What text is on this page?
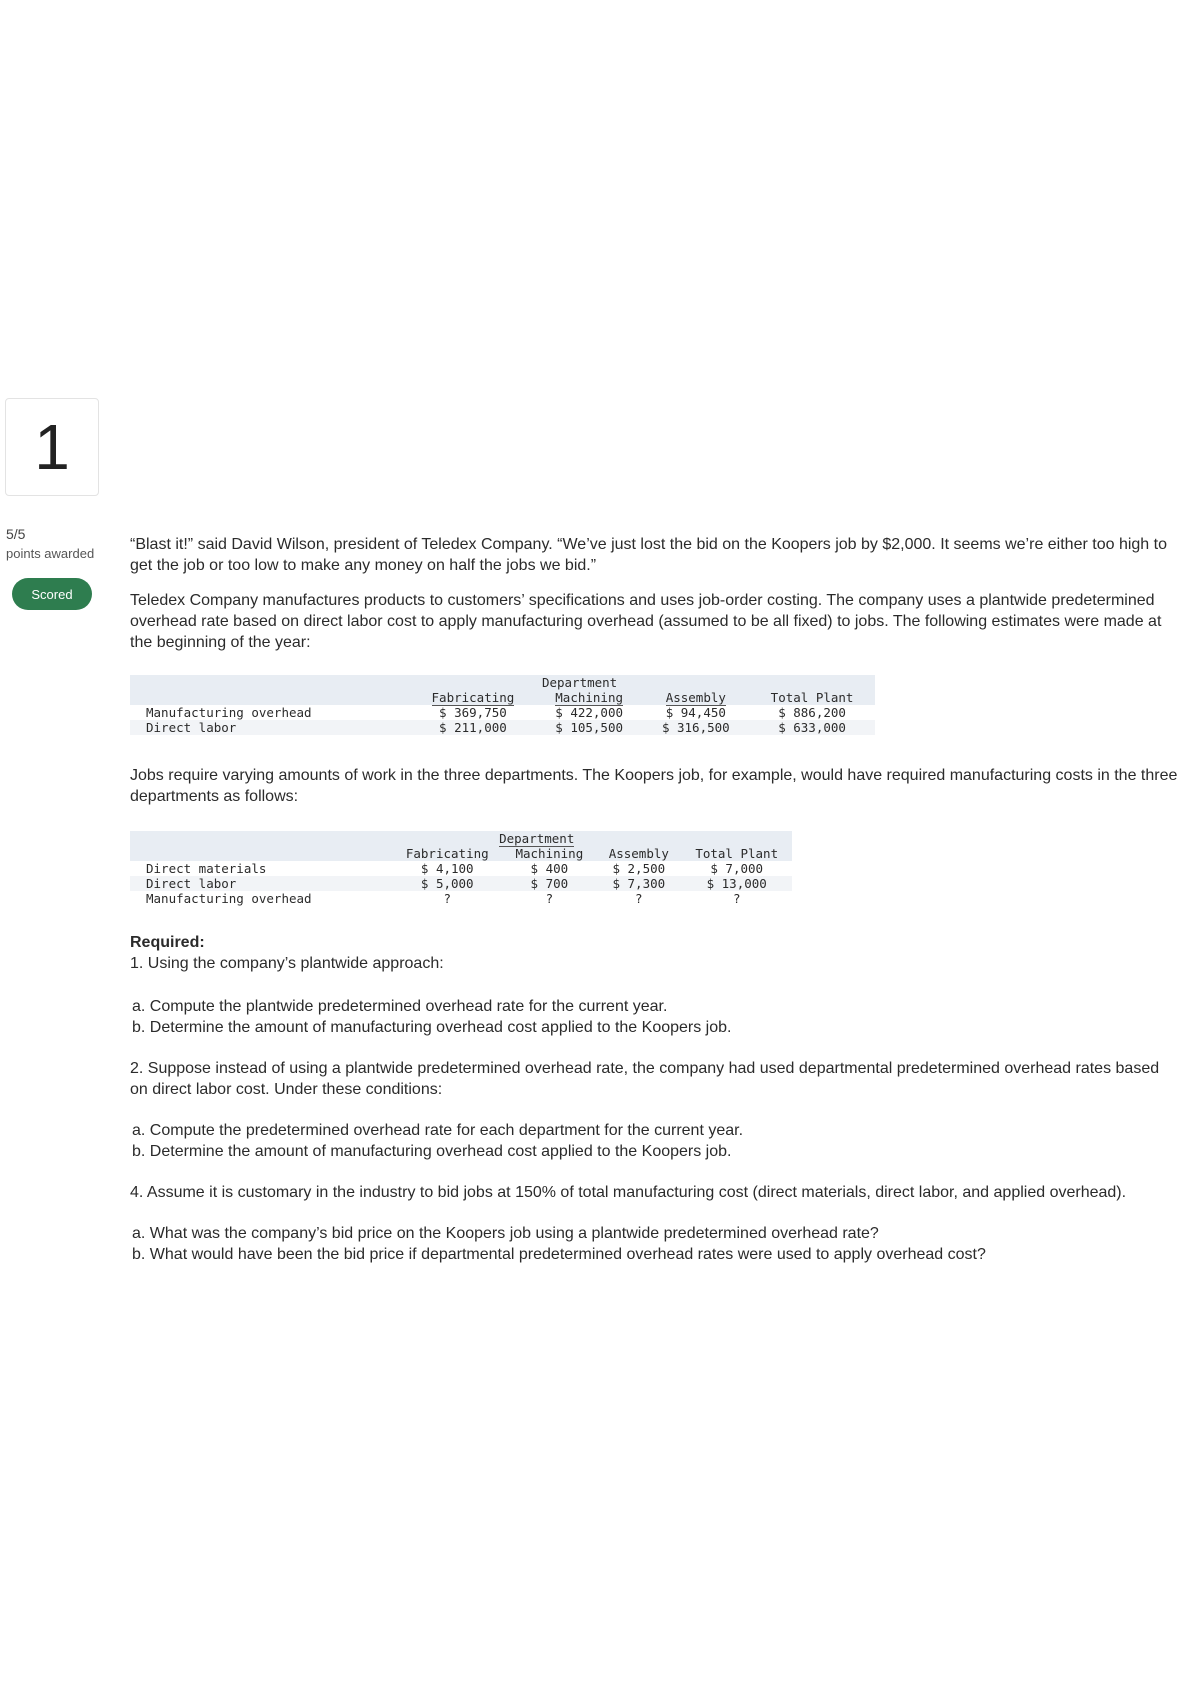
1
5/5
points awarded
Scored

“Blast it!” said David Wilson, president of Teledex Company. “We’ve just lost the bid on the Koopers job by $2,000. It seems we’re either too high to get the job or too low to make any money on half the jobs we bid.”

Teledex Company manufactures products to customers’ specifications and uses job-order costing. The company uses a plantwide predetermined overhead rate based on direct labor cost to apply manufacturing overhead (assumed to be all fixed) to jobs. The following estimates were made at the beginning of the year:

	Department			
	Fabricating	Machining	Assembly	Total Plant
Manufacturing overhead	$ 369,750	$ 422,000	$ 94,450	$ 886,200
Direct labor	$ 211,000	$ 105,500	$ 316,500	$ 633,000

Jobs require varying amounts of work in the three departments. The Koopers job, for example, would have required manufacturing costs in the three departments as follows:

	Department			
	Fabricating	Machining	Assembly	Total Plant
Direct materials	$ 4,100	$ 400	$ 2,500	$ 7,000
Direct labor	$ 5,000	$ 700	$ 7,300	$ 13,000
Manufacturing overhead	?	?	?	?

Required:

1. Using the company’s plantwide approach:

a. Compute the plantwide predetermined overhead rate for the current year.
b. Determine the amount of manufacturing overhead cost applied to the Koopers job.

2. Suppose instead of using a plantwide predetermined overhead rate, the company had used departmental predetermined overhead rates based on direct labor cost. Under these conditions:

a. Compute the predetermined overhead rate for each department for the current year.
b. Determine the amount of manufacturing overhead cost applied to the Koopers job.

4. Assume it is customary in the industry to bid jobs at 150% of total manufacturing cost (direct materials, direct labor, and applied overhead).

a. What was the company’s bid price on the Koopers job using a plantwide predetermined overhead rate?
b. What would have been the bid price if departmental predetermined overhead rates were used to apply overhead cost?
